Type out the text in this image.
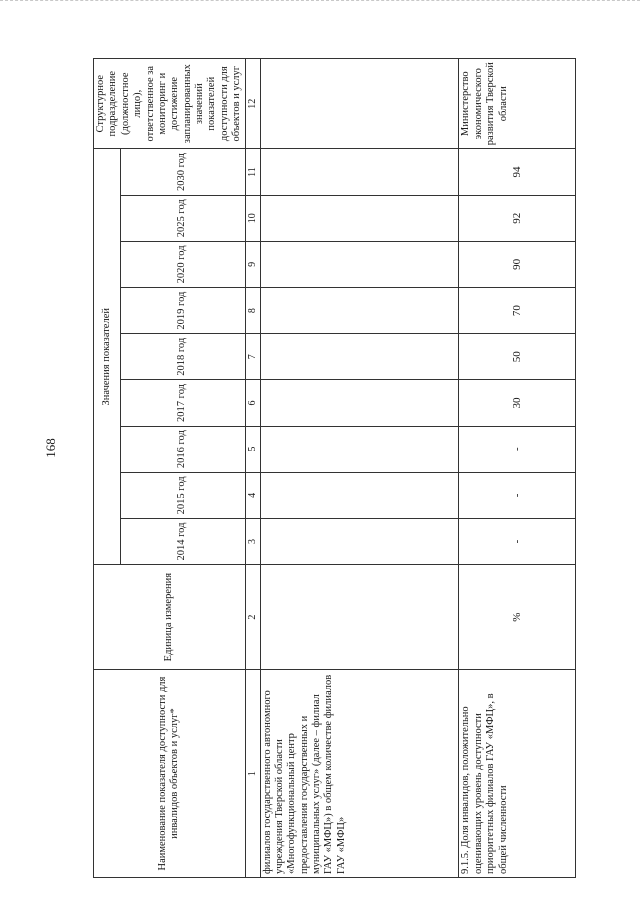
168
Наименование показателя доступности для инвалидов объектов и услуг*	Единица измерения	Значения показателей									Структурное подразделение (должностное лицо), ответственное за мониторинг и достижение запланированных значений показателей доступности для объектов и услуг
		2014 год	2015 год	2016 год	2017 год	2018 год	2019 год	2020 год	2025 год	2030 год	
1	2	3	4	5	6	7	8	9	10	11	12
филиалов государственного автономного учреждения Тверской области «Многофункциональный центр предоставления государственных и муниципальных услуг» (далее – филиал ГАУ «МФЦ») в общем количестве филиалов ГАУ «МФЦ»											
9.1.5. Доля инвалидов, положительно оценивающих уровень доступности приоритетных филиалов ГАУ «МФЦ», в общей численности	%	-	-	-	30	50	70	90	92	94	Министерство экономического развития Тверской области
